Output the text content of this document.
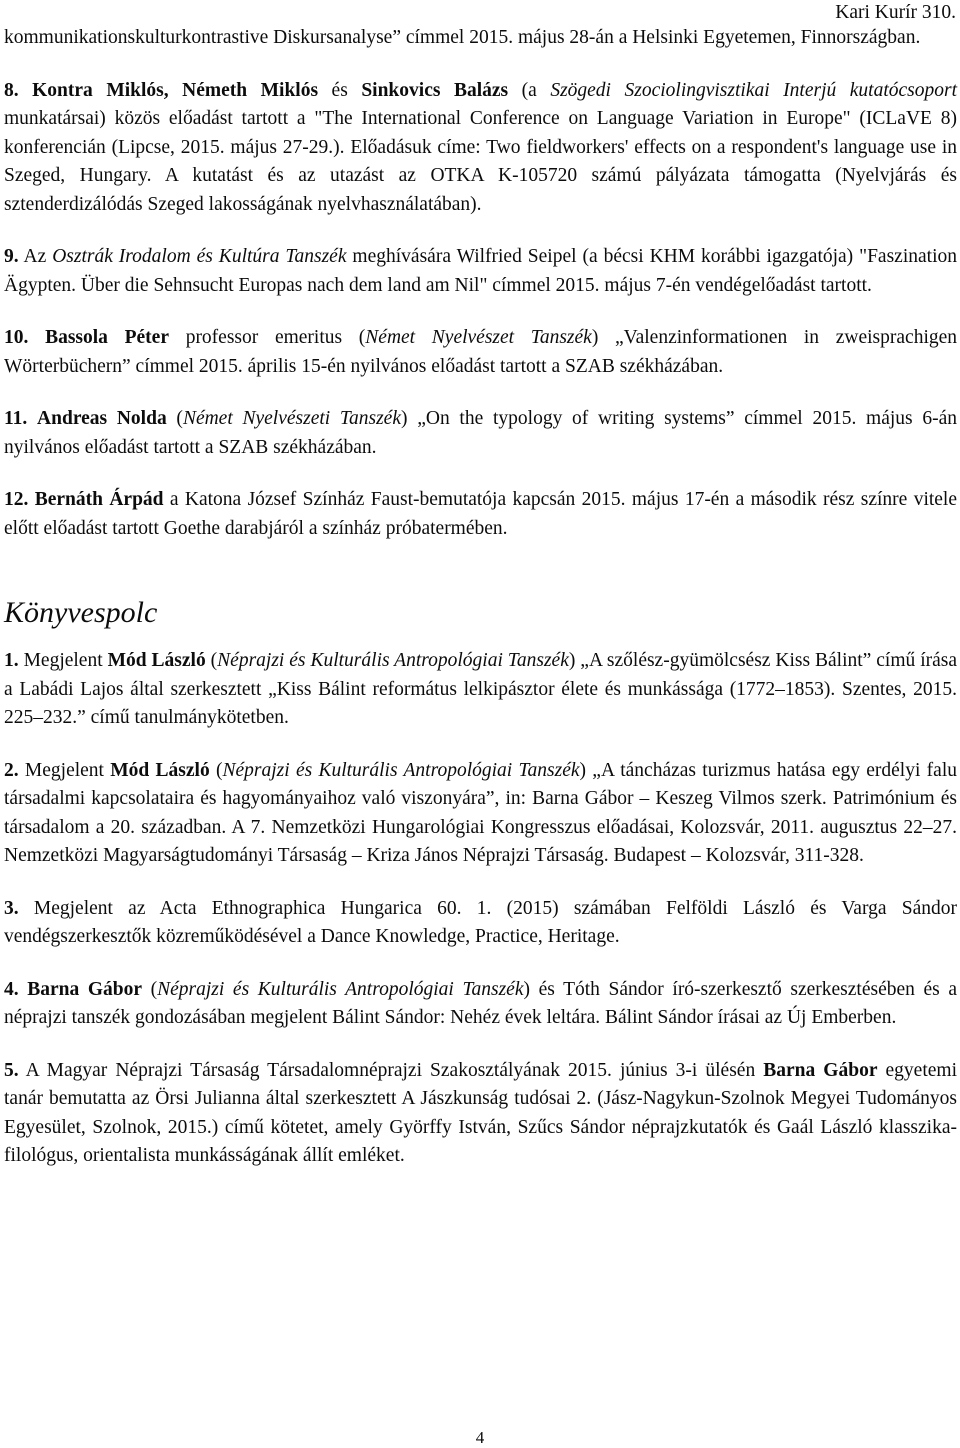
Kari Kurír 310.

kommunikationskulturkontrastive Diskursanalyse” címmel 2015. május 28-án a Helsinki Egyetemen, Finnországban.

8. Kontra Miklós, Németh Miklós és Sinkovics Balázs (a Szögedi Szociolingvisztikai Interjú kutatócsoport munkatársai) közös előadást tartott a "The International Conference on Language Variation in Europe" (ICLaVE 8) konferencián (Lipcse, 2015. május 27-29.). Előadásuk címe: Two fieldworkers' effects on a respondent's language use in Szeged, Hungary. A kutatást és az utazást az OTKA K-105720 számú pályázata támogatta (Nyelvjárás és sztenderdizálódás Szeged lakosságának nyelvhasználatában).

9. Az Osztrák Irodalom és Kultúra Tanszék meghívására Wilfried Seipel (a bécsi KHM korábbi igazgatója) "Faszination Ägypten. Über die Sehnsucht Europas nach dem land am Nil" címmel 2015. május 7-én vendégelőadást tartott.

10. Bassola Péter professor emeritus (Német Nyelvészet Tanszék) „Valenzinformationen in zweisprachigen Wörterbüchern” címmel 2015. április 15-én nyilvános előadást tartott a SZAB székházában.

11. Andreas Nolda (Német Nyelvészeti Tanszék) „On the typology of writing systems” címmel 2015. május 6-án nyilvános előadást tartott a SZAB székházában.

12. Bernáth Árpád a Katona József Színház Faust-bemutatója kapcsán 2015. május 17-én a második rész színre vitele előtt előadást tartott Goethe darabjáról a színház próbatermében.

Könyvespolc

1. Megjelent Mód László (Néprajzi és Kulturális Antropológiai Tanszék) „A szőlész-gyümölcsész Kiss Bálint” című írása a Labádi Lajos által szerkesztett „Kiss Bálint református lelkipásztor élete és munkássága (1772–1853). Szentes, 2015. 225–232.” című tanulmánykötetben.

2. Megjelent Mód László (Néprajzi és Kulturális Antropológiai Tanszék) „A táncházas turizmus hatása egy erdélyi falu társadalmi kapcsolataira és hagyományaihoz való viszonyára”, in: Barna Gábor – Keszeg Vilmos szerk. Patrimónium és társadalom a 20. században. A 7. Nemzetközi Hungarológiai Kongresszus előadásai, Kolozsvár, 2011. augusztus 22–27. Nemzetközi Magyarságtudományi Társaság – Kriza János Néprajzi Társaság. Budapest – Kolozsvár, 311-328.

3. Megjelent az Acta Ethnographica Hungarica 60. 1. (2015) számában Felföldi László és Varga Sándor vendégszerkesztők közreműködésével a Dance Knowledge, Practice, Heritage.

4. Barna Gábor (Néprajzi és Kulturális Antropológiai Tanszék) és Tóth Sándor író-szerkesztő szerkesztésében és a néprajzi tanszék gondozásában megjelent Bálint Sándor: Nehéz évek leltára. Bálint Sándor írásai az Új Emberben.

5. A Magyar Néprajzi Társaság Társadalomnéprajzi Szakosztályának 2015. június 3-i ülésén Barna Gábor egyetemi tanár bemutatta az Örsi Julianna által szerkesztett A Jászkunság tudósai 2. (Jász-Nagykun-Szolnok Megyei Tudományos Egyesület, Szolnok, 2015.) című kötetet, amely Györffy István, Szűcs Sándor néprajzkutatók és Gaál László klasszika-filológus, orientalista munkásságának állít emléket.

4
